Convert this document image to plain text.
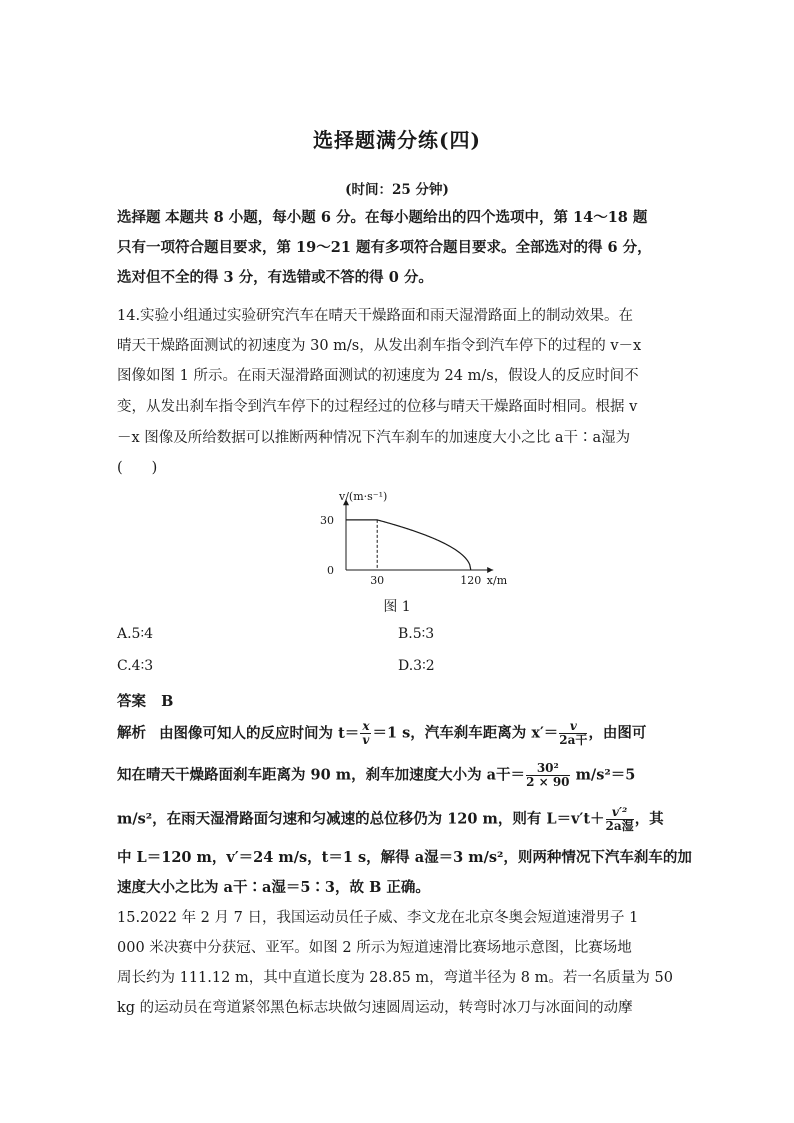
选择题满分练(四)
(时间：25 分钟)
选择题 本题共 8 小题，每小题 6 分。在每小题给出的四个选项中，第 14～18 题
只有一项符合题目要求，第 19～21 题有多项符合题目要求。全部选对的得 6 分，
选对但不全的得 3 分，有选错或不答的得 0 分。
14.实验小组通过实验研究汽车在晴天干燥路面和雨天湿滑路面上的制动效果。在
晴天干燥路面测试的初速度为 30 m/s，从发出刹车指令到汽车停下的过程的 v－x
图像如图 1 所示。在雨天湿滑路面测试的初速度为 24 m/s，假设人的反应时间不
变，从发出刹车指令到汽车停下的过程经过的位移与晴天干燥路面时相同。根据 v
－x 图像及所给数据可以推断两种情况下汽车刹车的加速度大小之比 a干∶a湿为
(　　)
v/(m·s⁻¹)
30
0
30	120 x/m
图 1
A.5∶4	B.5∶3
C.4∶3	D.3∶2
答案 B
解析 由图像可知人的反应时间为 $t= \frac{x}{v} =1$ s，汽车刹车距离为 $x'= \frac{v}{\text{2a干}}$ ，由图可
知在晴天干燥路面刹车距离为 90 m，刹车加速度大小为 a干＝ $\frac{\text{30²}}{2 \times 90} m/s^2=5$
m/s²，在雨天湿滑路面匀速和匀减速的总位移仍为 120 m，则有 $L=v't+ \frac{\text{v′²}}{\text{2a湿}}$ ，其
中 L＝120 m，v′＝24 m/s，t＝1 s，解得 a湿＝3 m/s²，则两种情况下汽车刹车的加
速度大小之比为 a干∶a湿＝5∶3，故 B 正确。
15.2022 年 2 月 7 日，我国运动员任子威、李文龙在北京冬奥会短道速滑男子 1
000 米决赛中分获冠、亚军。如图 2 所示为短道速滑比赛场地示意图，比赛场地
周长约为 111.12 m，其中直道长度为 28.85 m，弯道半径为 8 m。若一名质量为 50
kg 的运动员在弯道紧邻黑色标志块做匀速圆周运动，转弯时冰刀与冰面间的动摩
